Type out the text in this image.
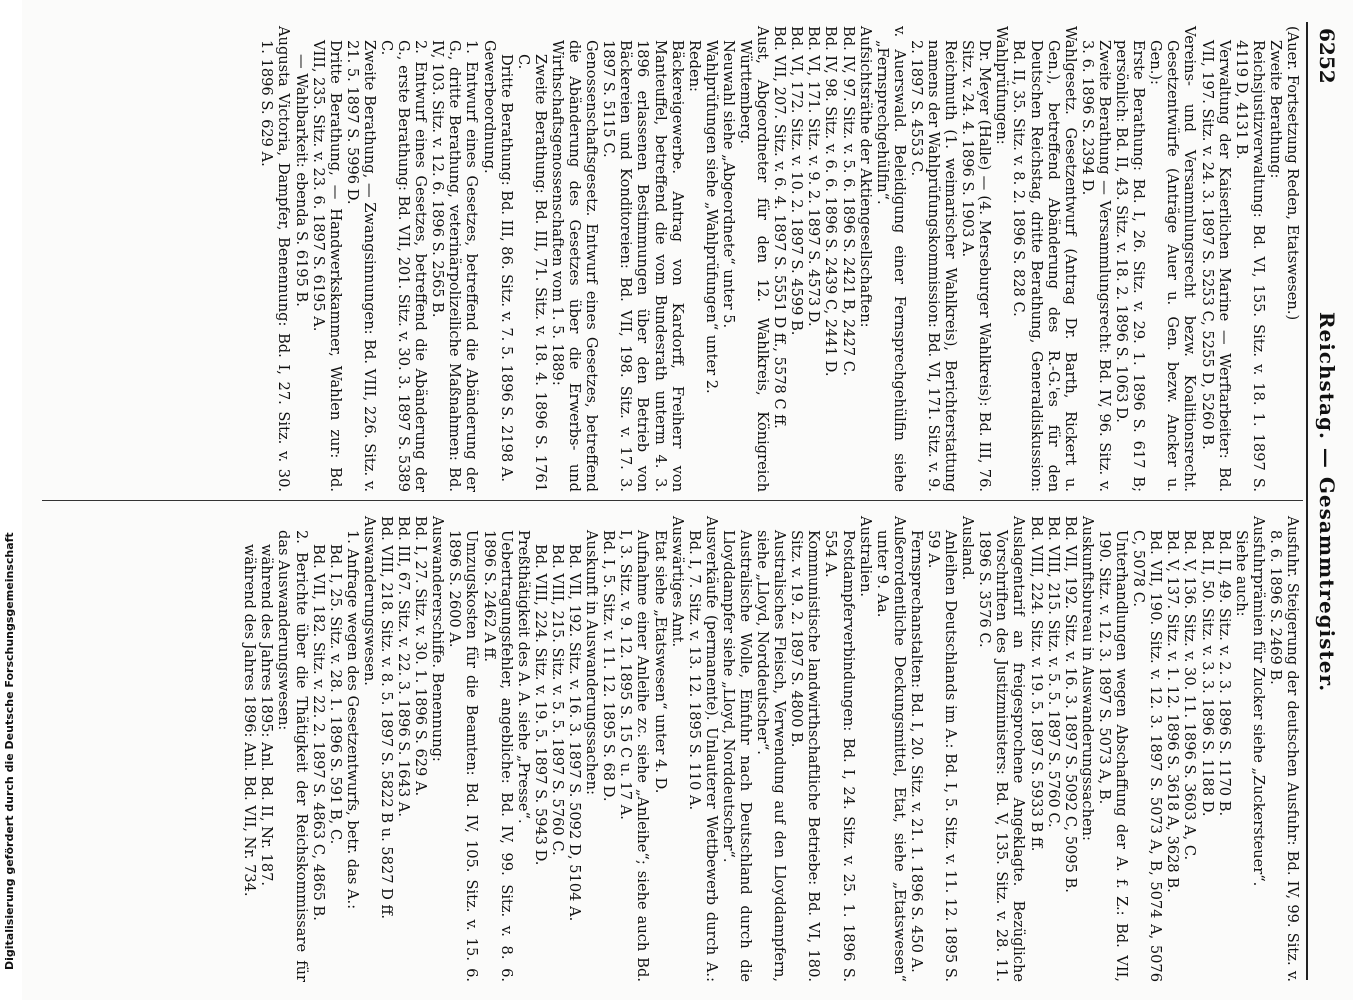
Digitalisierung gefördert durch die Deutsche Forschungsgemeinschaft
6252
Reichstag. — Gesammtregister.

(Auer. Fortsetzung Reden, Etatswesen.)

Zweite Berathung:

Reichsjustizverwaltung: Bd. VI, 155. Sitz. v. 18. 1. 1897 S. 4119 D, 4131 B.

Verwaltung der Kaiserlichen Marine — Werftarbeiter: Bd. VII, 197. Sitz. v. 24. 3. 1897 S. 5253 C, 5255 D, 5260 B.

Vereins- und Versammlungsrecht bezw. Koalitionsrecht. Gesetzentwürfe (Anträge Auer u. Gen. bezw. Ancker u. Gen.):

Erste Berathung: Bd. I, 26. Sitz. v. 29. 1. 1896 S. 617 B; persönlich: Bd. II, 43. Sitz. v. 18. 2. 1896 S. 1063 D.

Zweite Berathung — Versammlungsrecht: Bd. IV, 96. Sitz. v. 3. 6. 1896 S. 2394 D.

Wahlgesetz. Gesetzentwurf (Antrag Dr. Barth, Rickert u. Gen.), betreffend Abänderung des R.-G.'es für den Deutschen Reichstag, dritte Berathung, Generaldiskussion: Bd. II, 35. Sitz. v. 8. 2. 1896 S. 828 C.

Wahlprüfungen:

Dr. Meyer (Halle) — (4. Merseburger Wahlkreis): Bd. III, 76. Sitz. v. 24. 4. 1896 S. 1903 A.

Reichmuth (1. weimarischer Wahlkreis), Berichterstattung namens der Wahlprüfungskommission: Bd. VI, 171. Sitz. v. 9. 2. 1897 S. 4553 C.

v. Auerswald. Beleidigung einer Fernsprechgehülfin siehe „Fernsprechgehülfin“.

Aufsichtsräthe der Aktiengesellschaften:

Bd. IV, 97. Sitz. v. 5. 6. 1896 S. 2421 B, 2427 C.

Bd. IV, 98. Sitz. v. 6. 6. 1896 S. 2439 C, 2441 D.

Bd. VI, 171. Sitz. v. 9. 2. 1897 S. 4573 D.

Bd. VI, 172. Sitz. v. 10. 2. 1897 S. 4599 B.

Bd. VII, 207. Sitz. v. 6. 4. 1897 S. 5551 D ff., 5578 C ff.

Aust, Abgeordneter für den 12. Wahlkreis, Königreich Württemberg.

Neuwahl siehe „Abgeordnete“ unter 5.

Wahlprüfungen siehe „Wahlprüfungen“ unter 2.

Reden:

Bäckereigewerbe. Antrag von Kardorff, Freiherr von Manteuffel, betreffend die vom Bundesrath unterm 4. 3. 1896 erlassenen Bestimmungen über den Betrieb von Bäckereien und Konditoreien: Bd. VII, 198. Sitz. v. 17. 3. 1897 S. 5115 C.

Genossenschaftsgesetz. Entwurf eines Gesetzes, betreffend die Abänderung des Gesetzes über die Erwerbs- und Wirthschaftsgenossenschaften vom 1. 5. 1889:

Zweite Berathung: Bd. III, 71. Sitz. v. 18. 4. 1896 S. 1761 C.

Dritte Berathung: Bd. III, 86. Sitz. v. 7. 5. 1896 S. 2198 A.

Gewerbeordnung.

1. Entwurf eines Gesetzes, betreffend die Abänderung der G., dritte Berathung, veterinärpolizeiliche Maßnahmen: Bd. IV, 103. Sitz. v. 12. 6. 1896 S. 2565 B.

2. Entwurf eines Gesetzes, betreffend die Abänderung der G., erste Berathung: Bd. VII, 201. Sitz. v. 30. 3. 1897 S. 5389 C.

Zweite Berathung, — Zwangsinnungen: Bd. VIII, 226. Sitz. v. 21. 5. 1897 S. 5996 D.

Dritte Berathung, — Handwerkskammer, Wahlen zur: Bd. VIII, 235. Sitz. v. 23. 6. 1897 S. 6195 A.

— Wahlbarkeit: ebenda S. 6195 B.

Augusta Victoria, Dampfer, Benennung: Bd. I, 27. Sitz. v. 30. 1. 1896 S. 629 A.

Ausfuhr. Steigerung der deutschen Ausfuhr: Bd. IV, 99. Sitz. v. 8. 6. 1896 S. 2469 B.

Ausfuhrprämien für Zucker siehe „Zuckersteuer“.

Siehe auch:

Bd. II, 49. Sitz. v. 2. 3. 1896 S. 1170 B.

Bd. II, 50. Sitz. v. 3. 3. 1896 S. 1188 D.

Bd. V, 136. Sitz. v. 30. 11. 1896 S. 3603 A, C.

Bd. V, 137. Sitz. v. 1. 12. 1896 S. 3618 A, 3628 B.

Bd. VII, 190. Sitz. v. 12. 3. 1897 S. 5073 A, B, 5074 A, 5076 C, 5078 C.

Unterhandlungen wegen Abschaffung der A. f. Z.: Bd. VII, 190. Sitz. v. 12. 3. 1897 S. 5073 A, B.

Auskunftsbureau in Auswanderungssachen:

Bd. VII, 192. Sitz. v. 16. 3. 1897 S. 5092 C, 5095 B.

Bd. VIII, 215. Sitz. v. 5. 5. 1897 S. 5760 C.

Bd. VIII, 224. Sitz. v. 19. 5. 1897 S. 5933 B ff.

Auslagentarif an freigesprochene Angeklagte. Bezügliche Vorschriften des Justizministers: Bd. V, 135. Sitz. v. 28. 11. 1896 S. 3576 C.

Ausland.

Anleihen Deutschlands im A.: Bd. I, 5. Sitz. v. 11. 12. 1895 S. 59 A.

Fernsprechanstalten: Bd. I, 20. Sitz. v. 21. 1. 1896 S. 450 A.

Außerordentliche Deckungsmittel, Etat, siehe „Etatswesen“ unter 9. Aa.

Australien.

Postdampferverbindungen: Bd. I, 24. Sitz. v. 25. 1. 1896 S. 554 A.

Kommunistische landwirthschaftliche Betriebe: Bd. VI, 180. Sitz. v. 19. 2. 1897 S. 4800 B.

Australisches Fleisch, Verwendung auf den Lloyddampfern, siehe „Lloyd, Norddeutscher“.

Australische Wolle, Einfuhr nach Deutschland durch die Lloyddampfer siehe „Lloyd, Norddeutscher“.

Ausverkäufe (permanente). Unlauterer Wettbewerb durch A.: Bd. I, 7. Sitz. v. 13. 12. 1895 S. 110 A.

Auswärtiges Amt.

Etat siehe „Etatswesen“ unter 4. D.

Aufnahme einer Anleihe zc. siehe „Anleihe“; siehe auch Bd. I, 3. Sitz. v. 9. 12. 1895 S. 15 C u. 17 A.

Bd. I, 5. Sitz. v. 11. 12. 1895 S. 68 D.

Auskunft in Auswanderungssachen:

Bd. VII, 192. Sitz. v. 16. 3. 1897 S. 5092 D, 5104 A.

Bd. VIII, 215. Sitz. v. 5. 5. 1897 S. 5760 C.

Bd. VIII, 224. Sitz. v. 19. 5. 1897 S. 5943 D.

Preßthätigkeit des A. A. siehe „Presse“.

Uebertragungsfehler, angebliche: Bd. IV, 99. Sitz. v. 8. 6. 1896 S. 2462 A ff.

Umzugskosten für die Beamten: Bd. IV, 105. Sitz. v. 15. 6. 1896 S. 2600 A.

Auswandererschiffe. Benennung:

Bd. I, 27. Sitz. v. 30. 1. 1896 S. 629 A.

Bd. III, 67. Sitz. v. 22. 3. 1896 S. 1643 A.

Bd. VIII, 218. Sitz. v. 8. 5. 1897 S. 5822 B u. 5827 D ff.

Auswanderungswesen.

1. Anfrage wegen des Gesetzentwurfs, betr. das A.:

Bd. I, 25. Sitz. v. 28. 1. 1896 S. 591 B, C.

Bd. VII, 182. Sitz. v. 22. 2. 1897 S. 4863 C, 4865 B.

2. Berichte über die Thätigkeit der Reichskommissare für das Auswanderungswesen:

während des Jahres 1895: Anl. Bd. II, Nr. 187.

während des Jahres 1896: Anl. Bd. VII, Nr. 734.
